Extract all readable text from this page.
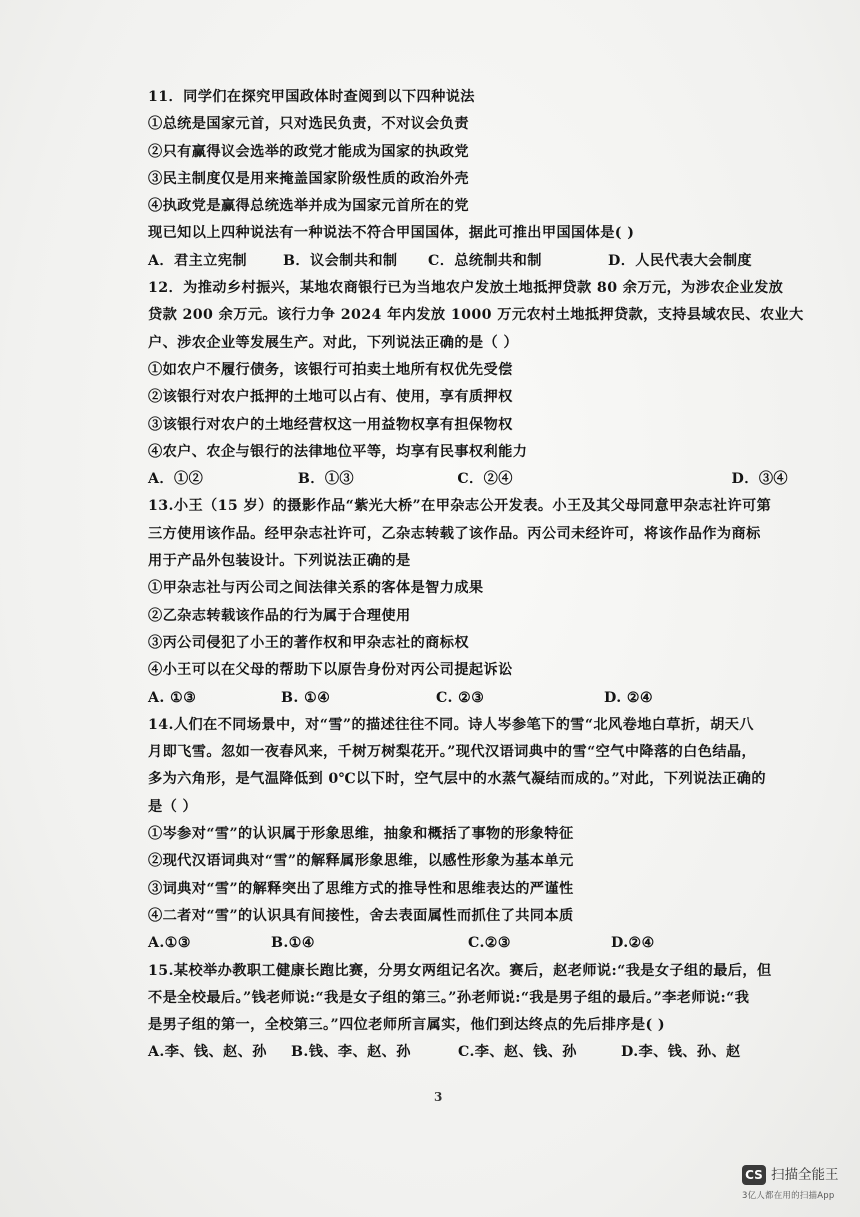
11．同学们在探究甲国政体时查阅到以下四种说法
①总统是国家元首，只对选民负责，不对议会负责
②只有赢得议会选举的政党才能成为国家的执政党
③民主制度仅是用来掩盖国家阶级性质的政治外壳
④执政党是赢得总统选举并成为国家元首所在的党
现已知以上四种说法有一种说法不符合甲国国体，据此可推出甲国国体是( )
A．君主立宪制	B．议会制共和制	C．总统制共和制	D．人民代表大会制度
12．为推动乡村振兴，某地农商银行已为当地农户发放土地抵押贷款 80 余万元，为涉农企业发放
贷款 200 余万元。该行力争 2024 年内发放 1000 万元农村土地抵押贷款，支持县域农民、农业大
户、涉农企业等发展生产。对此，下列说法正确的是（ ）
①如农户不履行债务，该银行可拍卖土地所有权优先受偿
②该银行对农户抵押的土地可以占有、使用，享有质押权
③该银行对农户的土地经营权这一用益物权享有担保物权
④农户、农企与银行的法律地位平等，均享有民事权利能力
A．①②	B．①③	C．②④	D．③④
13.小王（15 岁）的摄影作品“紫光大桥”在甲杂志公开发表。小王及其父母同意甲杂志社许可第
三方使用该作品。经甲杂志社许可，乙杂志转载了该作品。丙公司未经许可，将该作品作为商标
用于产品外包装设计。下列说法正确的是
①甲杂志社与丙公司之间法律关系的客体是智力成果
②乙杂志转载该作品的行为属于合理使用
③丙公司侵犯了小王的著作权和甲杂志社的商标权
④小王可以在父母的帮助下以原告身份对丙公司提起诉讼
A. ①③	B. ①④	C. ②③	D. ②④
14.人们在不同场景中，对“雪”的描述往往不同。诗人岑参笔下的雪“北风卷地白草折，胡天八
月即飞雪。忽如一夜春风来，千树万树梨花开。”现代汉语词典中的雪“空气中降落的白色结晶，
多为六角形，是气温降低到 0℃以下时，空气层中的水蒸气凝结而成的。”对此，下列说法正确的
是（ ）
①岑参对“雪”的认识属于形象思维，抽象和概括了事物的形象特征
②现代汉语词典对“雪”的解释属形象思维，以感性形象为基本单元
③词典对“雪”的解释突出了思维方式的推导性和思维表达的严谨性
④二者对“雪”的认识具有间接性，舍去表面属性而抓住了共同本质
A.①③	B.①④	C.②③	D.②④
15.某校举办教职工健康长跑比赛，分男女两组记名次。赛后，赵老师说:“我是女子组的最后，但
不是全校最后。”钱老师说:“我是女子组的第三。”孙老师说:“我是男子组的最后。”李老师说:“我
是男子组的第一，全校第三。”四位老师所言属实，他们到达终点的先后排序是( )
A.李、钱、赵、孙	B.钱、李、赵、孙	C.李、赵、钱、孙	D.李、钱、孙、赵
3
CS 扫描全能王
3亿人都在用的扫描App
